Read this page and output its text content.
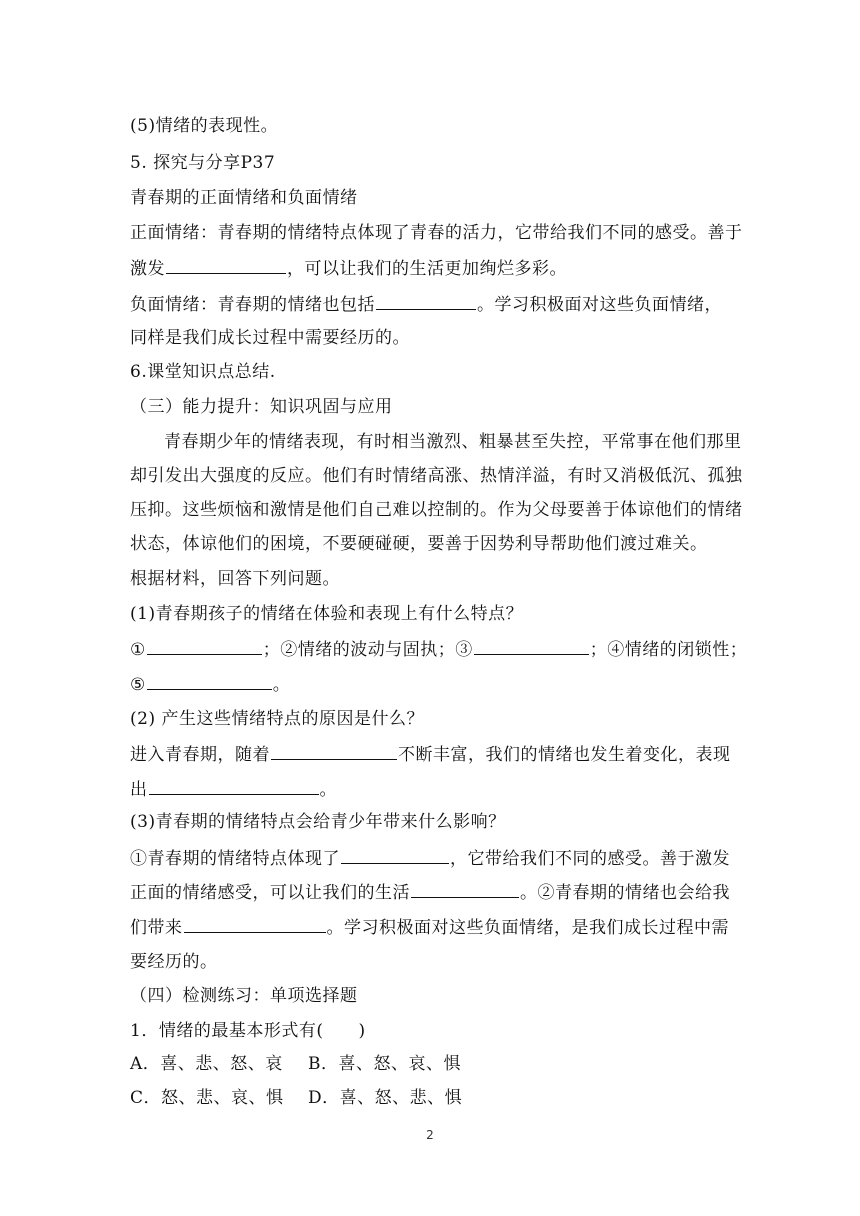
(5)情绪的表现性。
5. 探究与分享P37
青春期的正面情绪和负面情绪
正面情绪：青春期的情绪特点体现了青春的活力，它带给我们不同的感受。善于
激发	，可以让我们的生活更加绚烂多彩。
负面情绪：青春期的情绪也包括	。学习积极面对这些负面情绪，
同样是我们成长过程中需要经历的。
6.课堂知识点总结.
（三）能力提升：知识巩固与应用
青春期少年的情绪表现，有时相当激烈、粗暴甚至失控，平常事在他们那里
却引发出大强度的反应。他们有时情绪高涨、热情洋溢，有时又消极低沉、孤独
压抑。这些烦恼和激情是他们自己难以控制的。作为父母要善于体谅他们的情绪
状态，体谅他们的困境，不要硬碰硬，要善于因势利导帮助他们渡过难关。
根据材料，回答下列问题。
(1)青春期孩子的情绪在体验和表现上有什么特点？
①	；②情绪的波动与固执；③	；④情绪的闭锁性；
⑤	。
(2) 产生这些情绪特点的原因是什么？
进入青春期，随着	不断丰富，我们的情绪也发生着变化，表现
出	。
(3)青春期的情绪特点会给青少年带来什么影响？
①青春期的情绪特点体现了	，它带给我们不同的感受。善于激发
正面的情绪感受，可以让我们的生活	。②青春期的情绪也会给我
们带来	。学习积极面对这些负面情绪，是我们成长过程中需
要经历的。
（四）检测练习：单项选择题
1．情绪的最基本形式有(　　)
A．喜、悲、怒、哀 B．喜、怒、哀、惧
C．怒、悲、哀、惧 D．喜、怒、悲、惧
2
